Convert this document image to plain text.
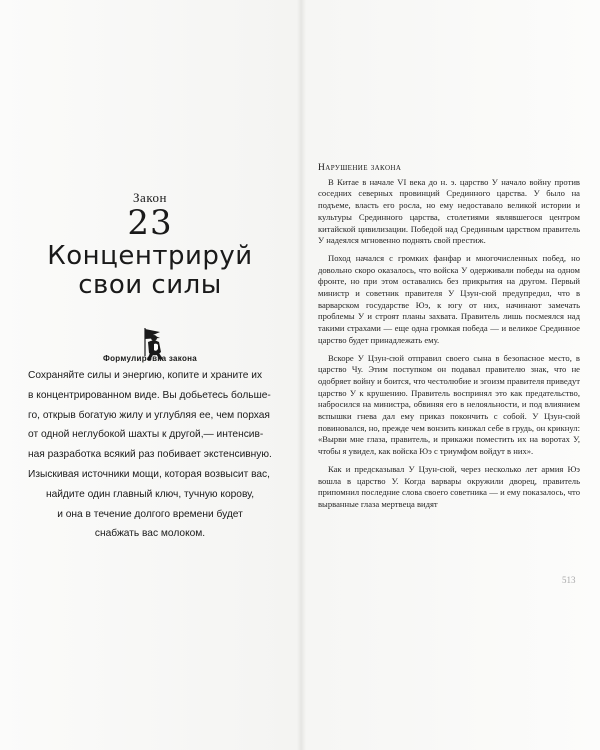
Закон
23
Концентрируй
свои силы
Формулировка закона

Сохраняйте силы и энергию, копите и храните их

в концентрированном виде. Вы добьетесь больше-

го, открыв богатую жилу и углубляя ее, чем порхая

от одной неглубокой шахты к другой,— интенсив-

ная разработка всякий раз побивает экстенсивную.

Изыскивая источники мощи, которая возвысит вас,

найдите один главный ключ, тучную корову,

и она в течение долгого времени будет

снабжать вас молоком.

Нарушение закона

В Китае в начале VI века до н. э. царство У начало войну против соседних северных провинций Срединного царства. У было на подъеме, власть его росла, но ему недоставало великой истории и культуры Срединного царства, столетиями являвшегося центром китайской цивилизации. Победой над Срединным царством правитель У надеялся мгновенно поднять свой престиж.

Поход начался с громких фанфар и многочисленных побед, но довольно скоро оказалось, что войска У одерживали победы на одном фронте, но при этом оставались без прикрытия на другом. Первый министр и советник правителя У Цзун-сюй предупредил, что в варварском государстве Юэ, к югу от них, начинают замечать проблемы У и строят планы захвата. Правитель лишь посмеялся над такими страхами — еще одна громкая победа — и великое Срединное царство будет принадлежать ему.

Вскоре У Цзун-сюй отправил своего сына в безопасное место, в царство Чу. Этим поступком он подавал правителю знак, что не одобряет войну и боится, что честолюбие и эгоизм правителя приведут царство У к крушению. Правитель воспринял это как предательство, набросился на министра, обвиняя его в нелояльности, и под влиянием вспышки гнева дал ему приказ покончить с собой. У Цзун-сюй повиновался, но, прежде чем вонзить кинжал себе в грудь, он крикнул: «Вырви мне глаза, правитель, и прикажи поместить их на воротах У, чтобы я увидел, как войска Юэ с триумфом войдут в них».

Как и предсказывал У Цзун-сюй, через несколько лет армия Юэ вошла в царство У. Когда варвары окружили дворец, правитель припомнил последние слова своего советника — и ему показалось, что вырванные глаза мертвеца видят

513
